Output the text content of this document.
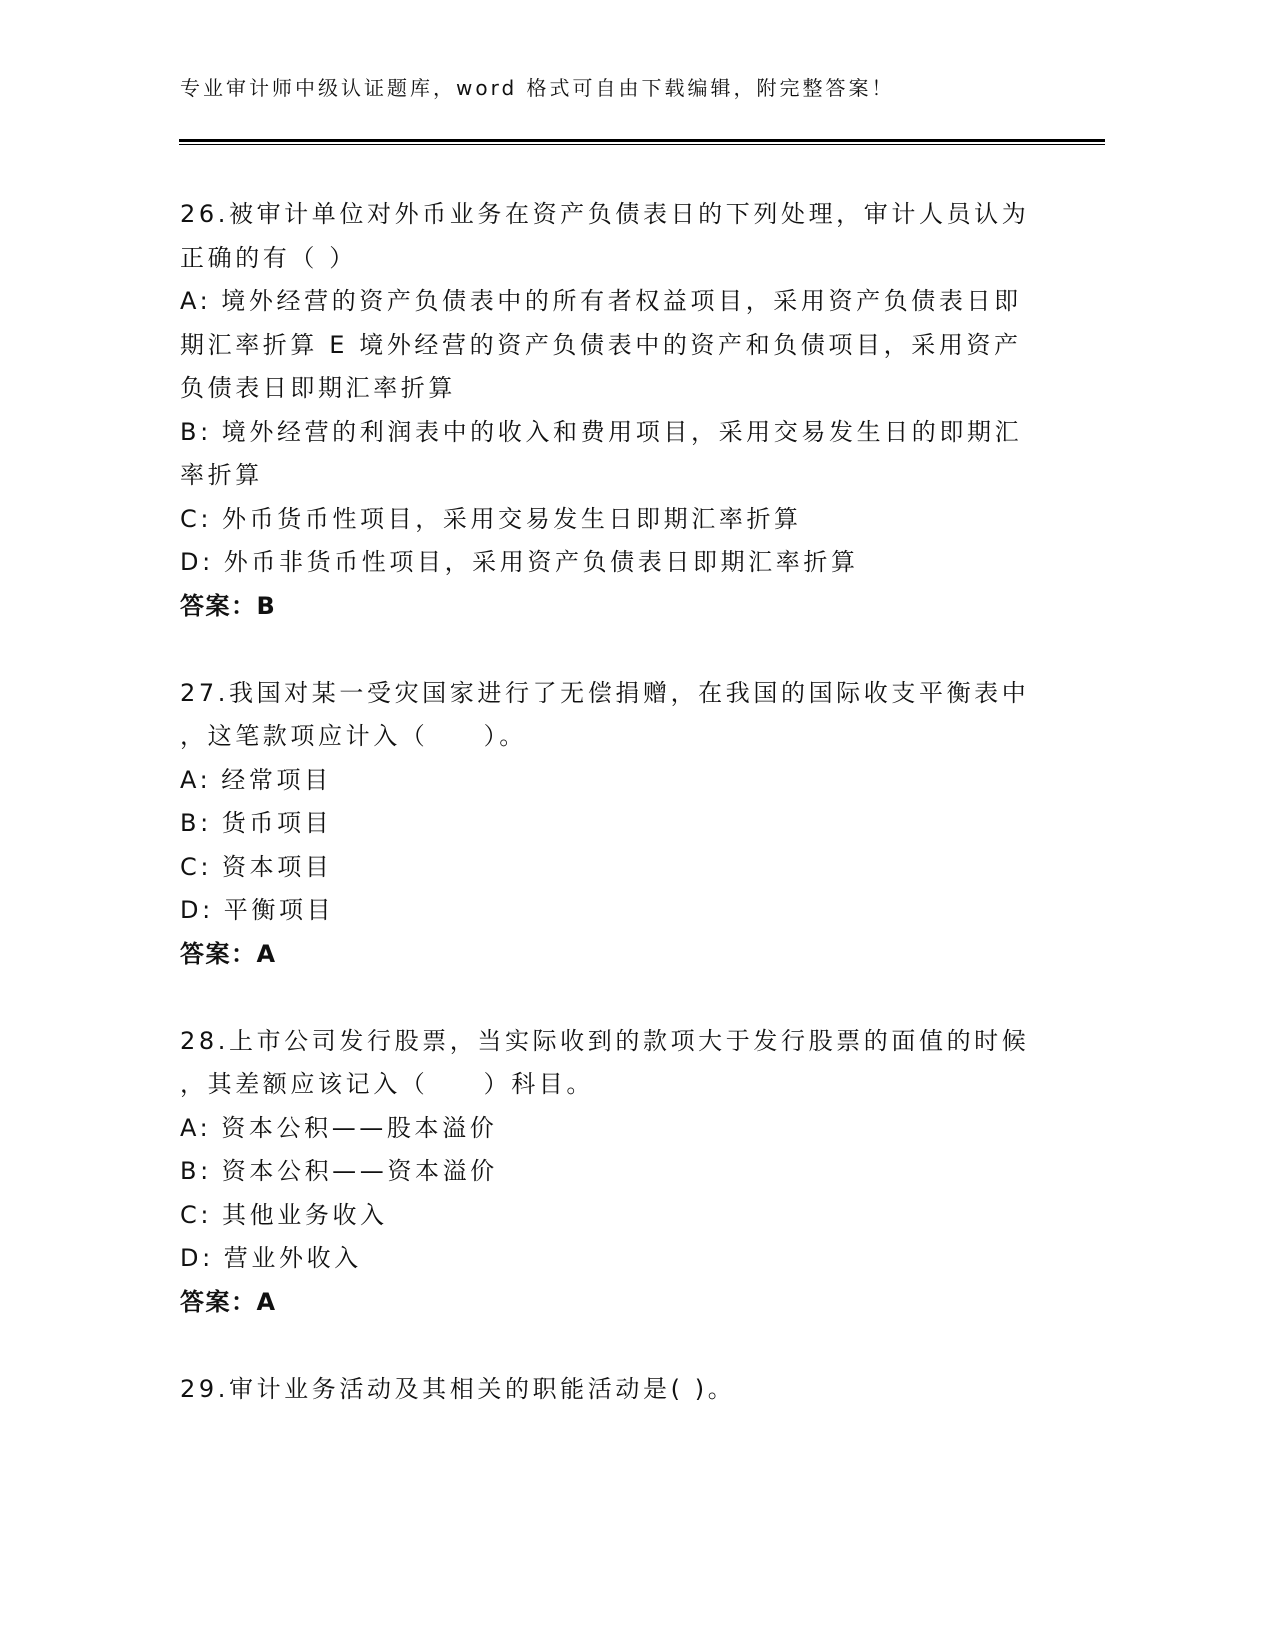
专业审计师中级认证题库，word 格式可自由下载编辑，附完整答案！
26.被审计单位对外币业务在资产负债表日的下列处理，审计人员认为
正确的有（ ）
A: 境外经营的资产负债表中的所有者权益项目，采用资产负债表日即
期汇率折算 E 境外经营的资产负债表中的资产和负债项目，采用资产
负债表日即期汇率折算
B: 境外经营的利润表中的收入和费用项目，采用交易发生日的即期汇
率折算
C: 外币货币性项目，采用交易发生日即期汇率折算
D: 外币非货币性项目，采用资产负债表日即期汇率折算
答案：B
27.我国对某一受灾国家进行了无偿捐赠，在我国的国际收支平衡表中
，这笔款项应计入（　　）。
A: 经常项目
B: 货币项目
C: 资本项目
D: 平衡项目
答案：A
28.上市公司发行股票，当实际收到的款项大于发行股票的面值的时候
，其差额应该记入（　　）科目。
A: 资本公积——股本溢价
B: 资本公积——资本溢价
C: 其他业务收入
D: 营业外收入
答案：A
29.审计业务活动及其相关的职能活动是( )。
